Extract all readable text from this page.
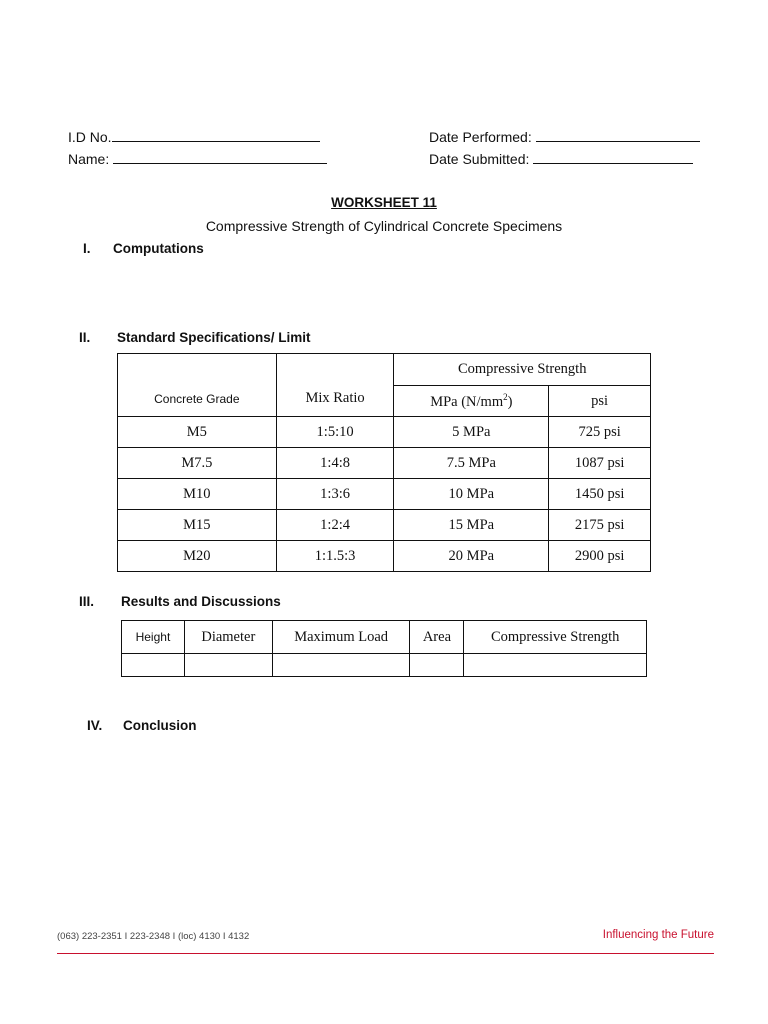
I.D No.
Name:
Date Performed:
Date Submitted:
WORKSHEET 11
Compressive Strength of Cylindrical Concrete Specimens
I. Computations
II. Standard Specifications/ Limit
Concrete Grade	Mix Ratio	Compressive Strength	
		MPa $(N/mm^2)$	psi
M5	1:5:10	5 MPa	725 psi
M7.5	1:4:8	7.5 MPa	1087 psi
M10	1:3:6	10 MPa	1450 psi
M15	1:2:4	15 MPa	2175 psi
M20	1:1.5:3	20 MPa	2900 psi
III. Results and Discussions
Height	Diameter	Maximum Load	Area	Compressive Strength

IV. Conclusion
(063) 223-2351 I 223-2348 I (loc) 4130 I 4132	Influencing the Future
